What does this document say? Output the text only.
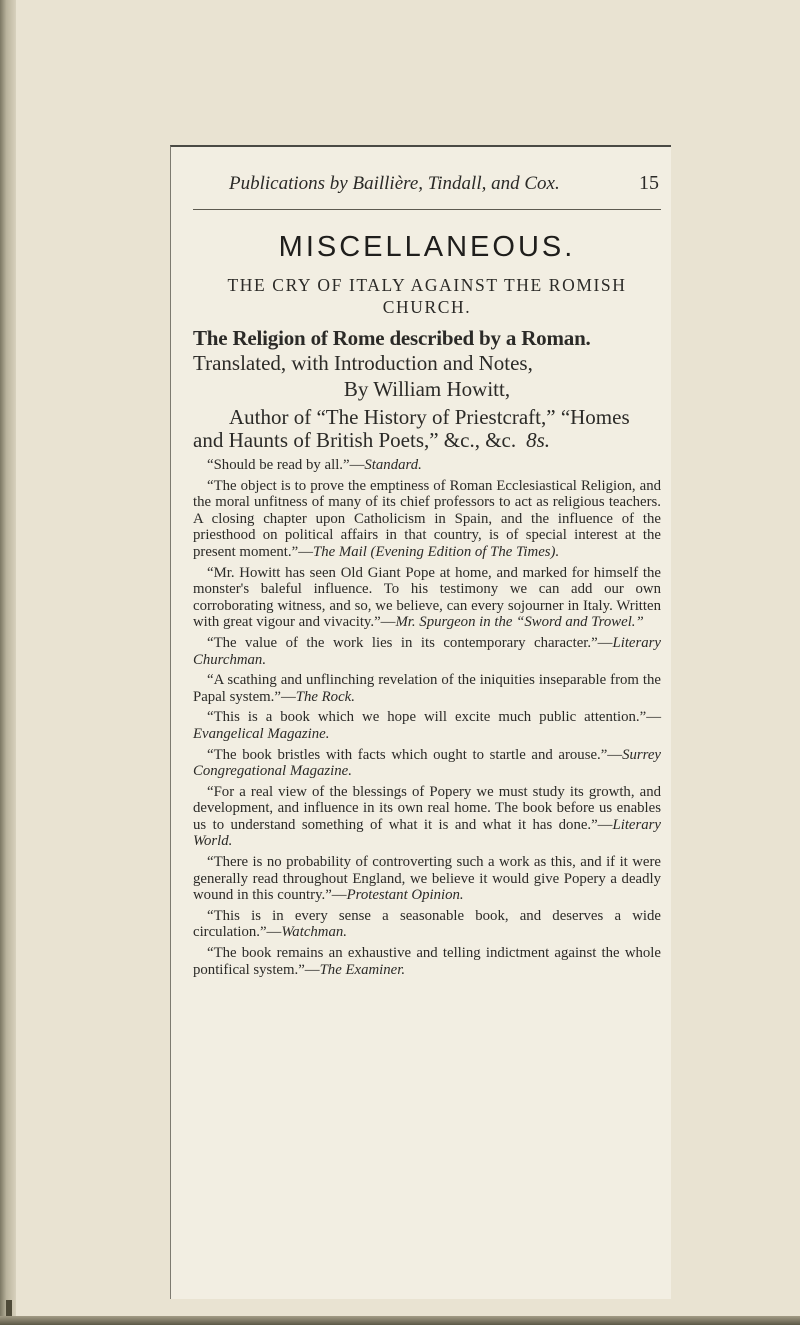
Publications by Baillière, Tindall, and Cox.	15
MISCELLANEOUS.
THE CRY OF ITALY AGAINST THE ROMISH CHURCH.

The Religion of Rome described by a Roman. Translated, with Introduction and Notes,

By William Howitt,

Author of “The History of Priestcraft,” “Homes and Haunts of British Poets,” &c., &c. 8s.

“Should be read by all.”—Standard.

“The object is to prove the emptiness of Roman Ecclesiastical Religion, and the moral unfitness of many of its chief professors to act as religious teachers. A closing chapter upon Catholicism in Spain, and the influence of the priesthood on political affairs in that country, is of special interest at the present moment.”—The Mail (Evening Edition of The Times).

“Mr. Howitt has seen Old Giant Pope at home, and marked for himself the monster's baleful influence. To his testimony we can add our own corroborating witness, and so, we believe, can every sojourner in Italy. Written with great vigour and vivacity.”—Mr. Spurgeon in the “Sword and Trowel.”

“The value of the work lies in its contemporary character.”—Literary Churchman.

“A scathing and unflinching revelation of the iniquities inseparable from the Papal system.”—The Rock.

“This is a book which we hope will excite much public attention.”—Evangelical Magazine.

“The book bristles with facts which ought to startle and arouse.”—Surrey Congregational Magazine.

“For a real view of the blessings of Popery we must study its growth, and development, and influence in its own real home. The book before us enables us to understand something of what it is and what it has done.”—Literary World.

“There is no probability of controverting such a work as this, and if it were generally read throughout England, we believe it would give Popery a deadly wound in this country.”—Protestant Opinion.

“This is in every sense a seasonable book, and deserves a wide circulation.”—Watchman.

“The book remains an exhaustive and telling indictment against the whole pontifical system.”—The Examiner.
